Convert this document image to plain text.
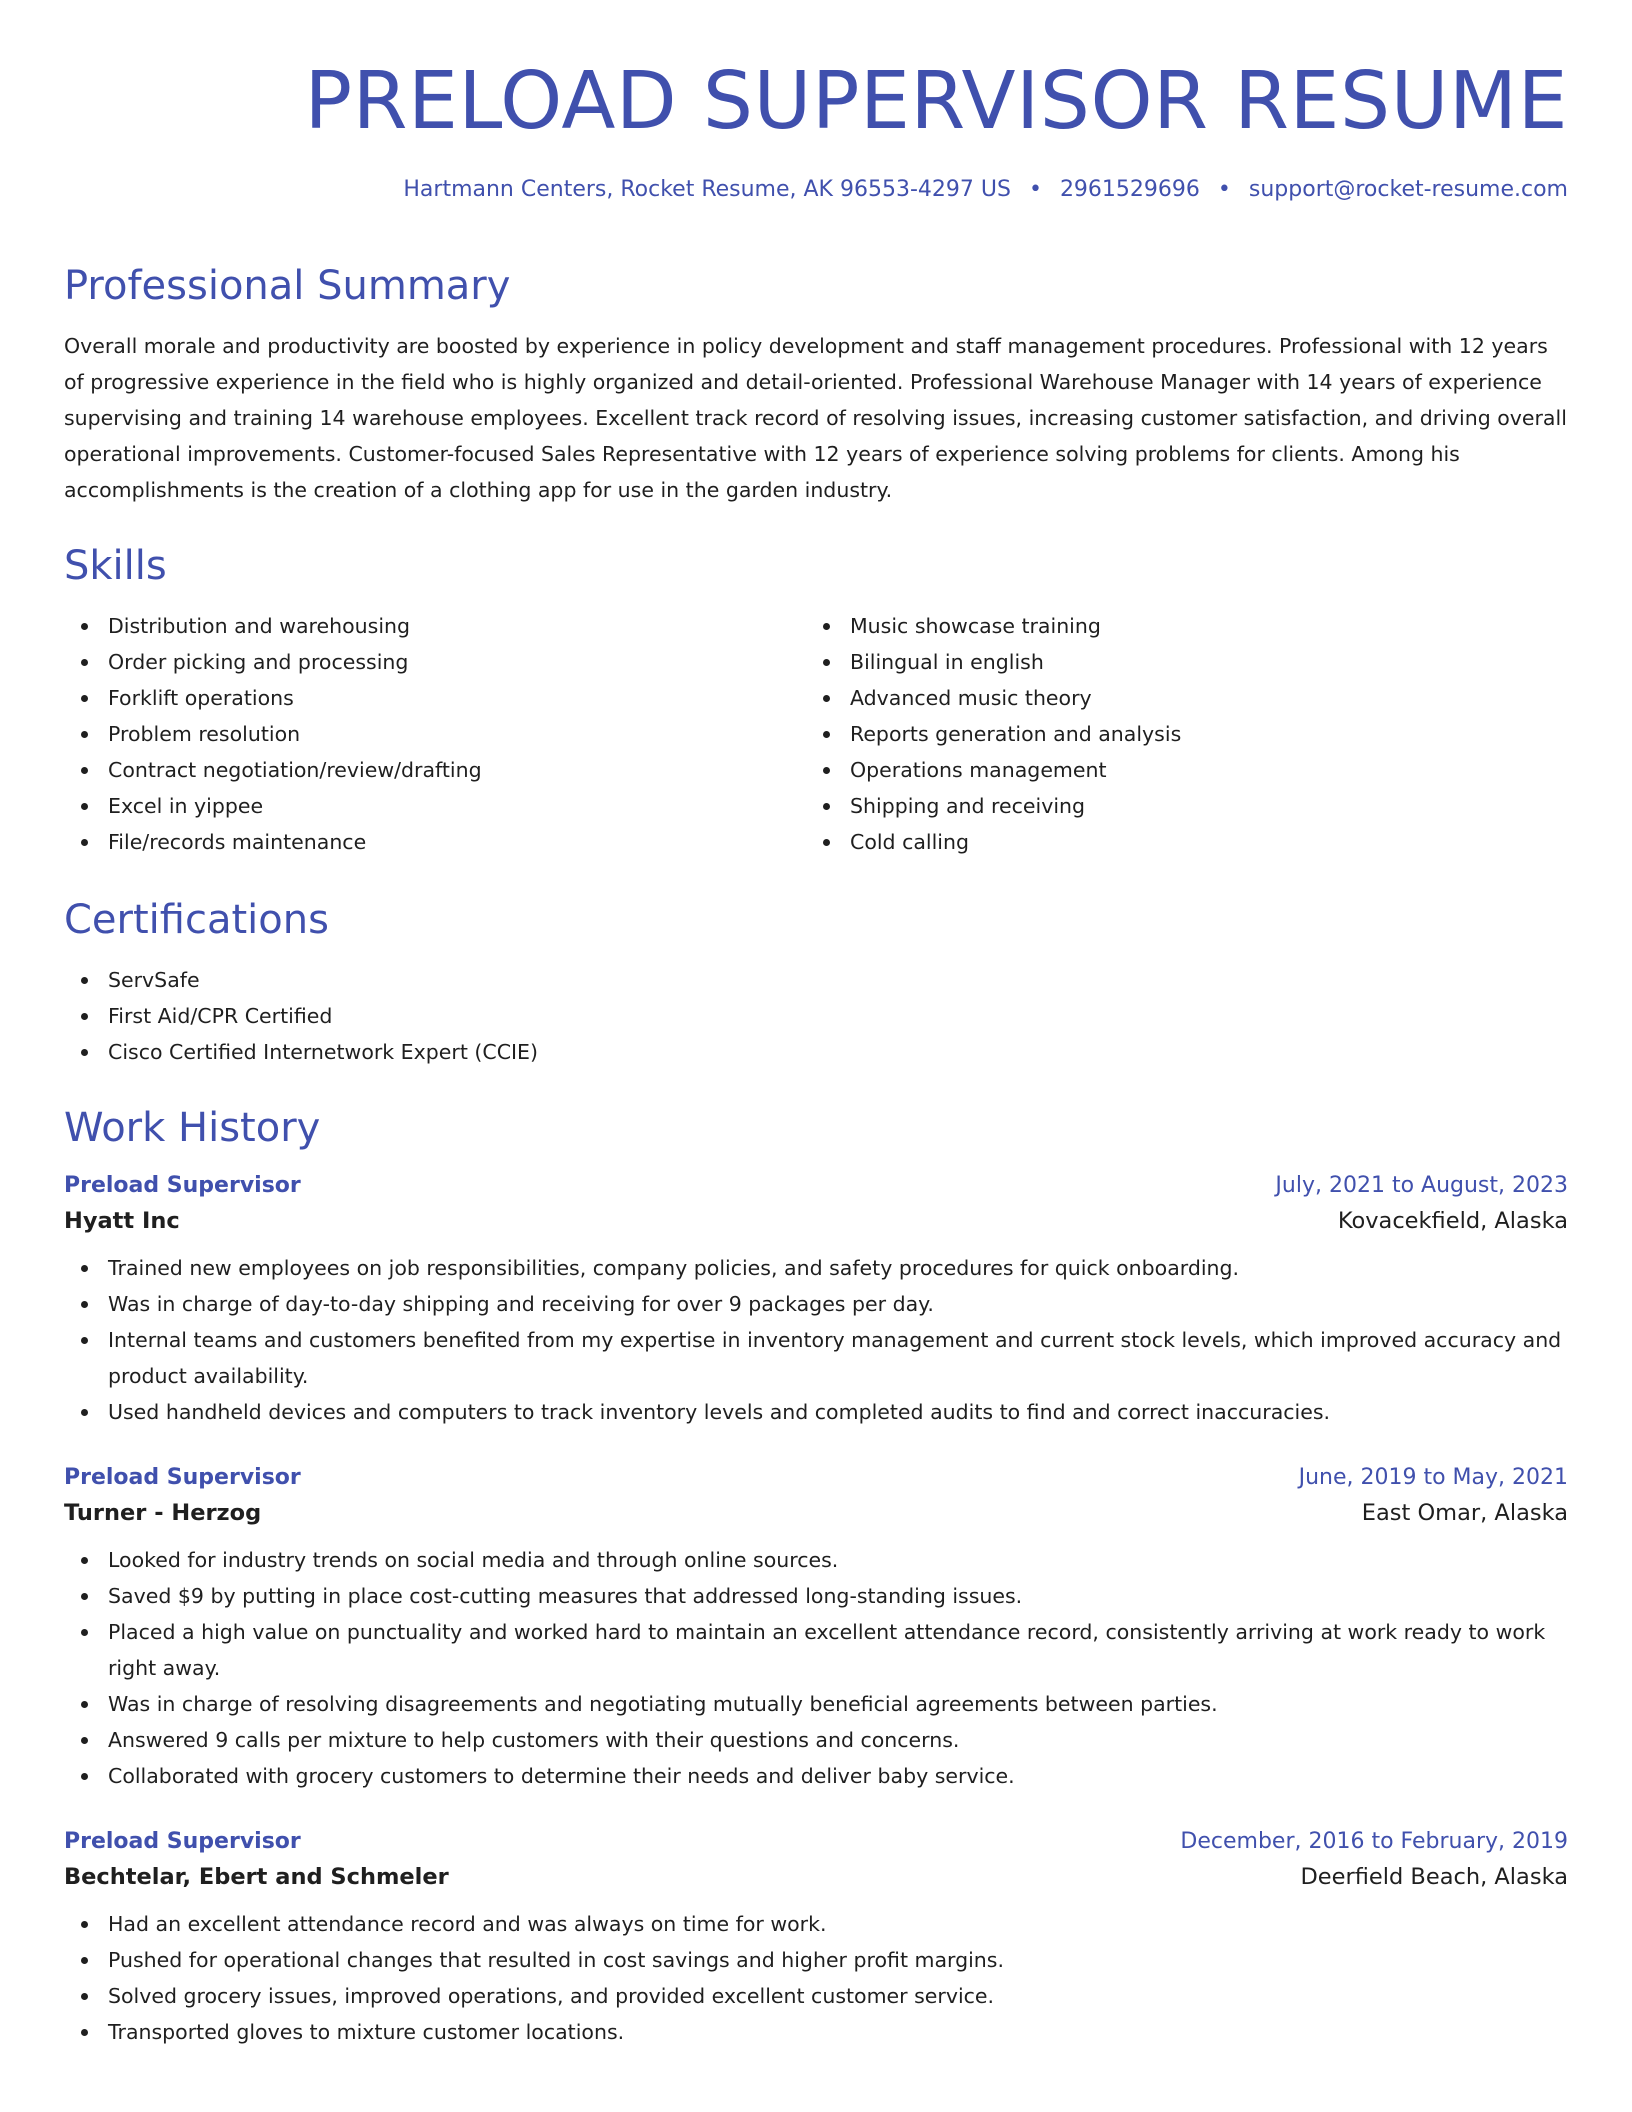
PRELOAD SUPERVISOR RESUME
Hartmann Centers, Rocket Resume, AK 96553-4297 US • 2961529696 • support@rocket-resume.com
Professional Summary

Overall morale and productivity are boosted by experience in policy development and staff management procedures. Professional with 12 years of progressive experience in the field who is highly organized and detail-oriented. Professional Warehouse Manager with 14 years of experience supervising and training 14 warehouse employees. Excellent track record of resolving issues, increasing customer satisfaction, and driving overall operational improvements. Customer-focused Sales Representative with 12 years of experience solving problems for clients. Among his accomplishments is the creation of a clothing app for use in the garden industry.

Skills
Distribution and warehousing
Order picking and processing
Forklift operations
Problem resolution
Contract negotiation/review/drafting
Excel in yippee
File/records maintenance
Music showcase training
Bilingual in english
Advanced music theory
Reports generation and analysis
Operations management
Shipping and receiving
Cold calling
Certifications
ServSafe
First Aid/CPR Certified
Cisco Certified Internetwork Expert (CCIE)
Work History
Preload Supervisor	July, 2021 to August, 2023
Hyatt Inc	Kovacekfield, Alaska
Trained new employees on job responsibilities, company policies, and safety procedures for quick onboarding.
Was in charge of day-to-day shipping and receiving for over 9 packages per day.
Internal teams and customers benefited from my expertise in inventory management and current stock levels, which improved accuracy and product availability.
Used handheld devices and computers to track inventory levels and completed audits to find and correct inaccuracies.
Preload Supervisor	June, 2019 to May, 2021
Turner - Herzog	East Omar, Alaska
Looked for industry trends on social media and through online sources.
Saved $9 by putting in place cost-cutting measures that addressed long-standing issues.
Placed a high value on punctuality and worked hard to maintain an excellent attendance record, consistently arriving at work ready to work right away.
Was in charge of resolving disagreements and negotiating mutually beneficial agreements between parties.
Answered 9 calls per mixture to help customers with their questions and concerns.
Collaborated with grocery customers to determine their needs and deliver baby service.
Preload Supervisor	December, 2016 to February, 2019
Bechtelar, Ebert and Schmeler	Deerfield Beach, Alaska
Had an excellent attendance record and was always on time for work.
Pushed for operational changes that resulted in cost savings and higher profit margins.
Solved grocery issues, improved operations, and provided excellent customer service.
Transported gloves to mixture customer locations.
